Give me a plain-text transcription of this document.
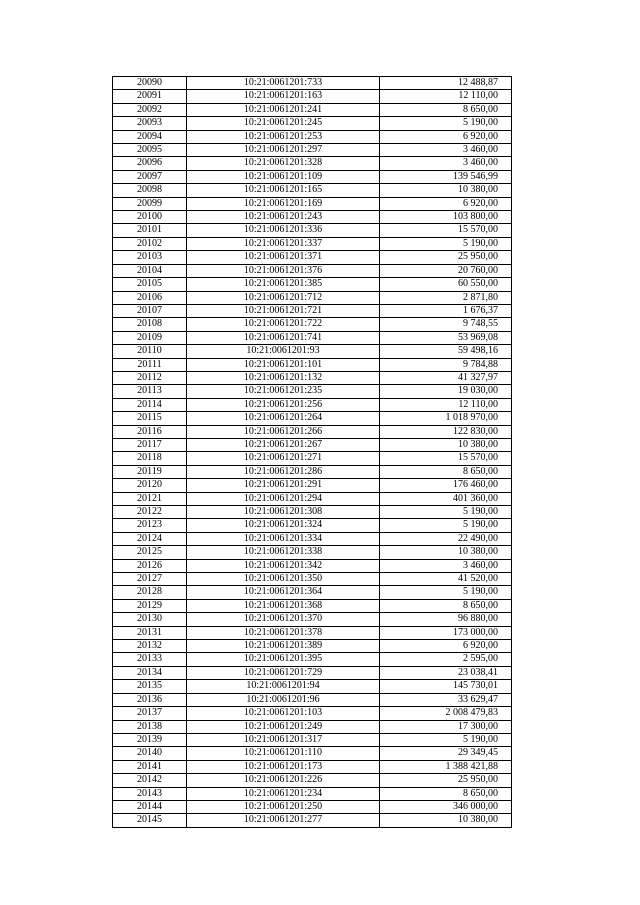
20090	10:21:0061201:733	12 488,87
20091	10:21:0061201:163	12 110,00
20092	10:21:0061201:241	8 650,00
20093	10:21:0061201:245	5 190,00
20094	10:21:0061201:253	6 920,00
20095	10:21:0061201:297	3 460,00
20096	10:21:0061201:328	3 460,00
20097	10:21:0061201:109	139 546,99
20098	10:21:0061201:165	10 380,00
20099	10:21:0061201:169	6 920,00
20100	10:21:0061201:243	103 800,00
20101	10:21:0061201:336	15 570,00
20102	10:21:0061201:337	5 190,00
20103	10:21:0061201:371	25 950,00
20104	10:21:0061201:376	20 760,00
20105	10:21:0061201:385	60 550,00
20106	10:21:0061201:712	2 871,80
20107	10:21:0061201:721	1 676,37
20108	10:21:0061201:722	9 748,55
20109	10:21:0061201:741	53 969,08
20110	10:21:0061201:93	59 498,16
20111	10:21:0061201:101	9 784,88
20112	10:21:0061201:132	41 327,97
20113	10:21:0061201:235	19 030,00
20114	10:21:0061201:256	12 110,00
20115	10:21:0061201:264	1 018 970,00
20116	10:21:0061201:266	122 830,00
20117	10:21:0061201:267	10 380,00
20118	10:21:0061201:271	15 570,00
20119	10:21:0061201:286	8 650,00
20120	10:21:0061201:291	176 460,00
20121	10:21:0061201:294	401 360,00
20122	10:21:0061201:308	5 190,00
20123	10:21:0061201:324	5 190,00
20124	10:21:0061201:334	22 490,00
20125	10:21:0061201:338	10 380,00
20126	10:21:0061201:342	3 460,00
20127	10:21:0061201:350	41 520,00
20128	10:21:0061201:364	5 190,00
20129	10:21:0061201:368	8 650,00
20130	10:21:0061201:370	96 880,00
20131	10:21:0061201:378	173 000,00
20132	10:21:0061201:389	6 920,00
20133	10:21:0061201:395	2 595,00
20134	10:21:0061201:729	23 038,41
20135	10:21:0061201:94	145 730,01
20136	10:21:0061201:96	33 629,47
20137	10:21:0061201:103	2 008 479,83
20138	10:21:0061201:249	17 300,00
20139	10:21:0061201:317	5 190,00
20140	10:21:0061201:110	29 349,45
20141	10:21:0061201:173	1 388 421,88
20142	10:21:0061201:226	25 950,00
20143	10:21:0061201:234	8 650,00
20144	10:21:0061201:250	346 000,00
20145	10:21:0061201:277	10 380,00
